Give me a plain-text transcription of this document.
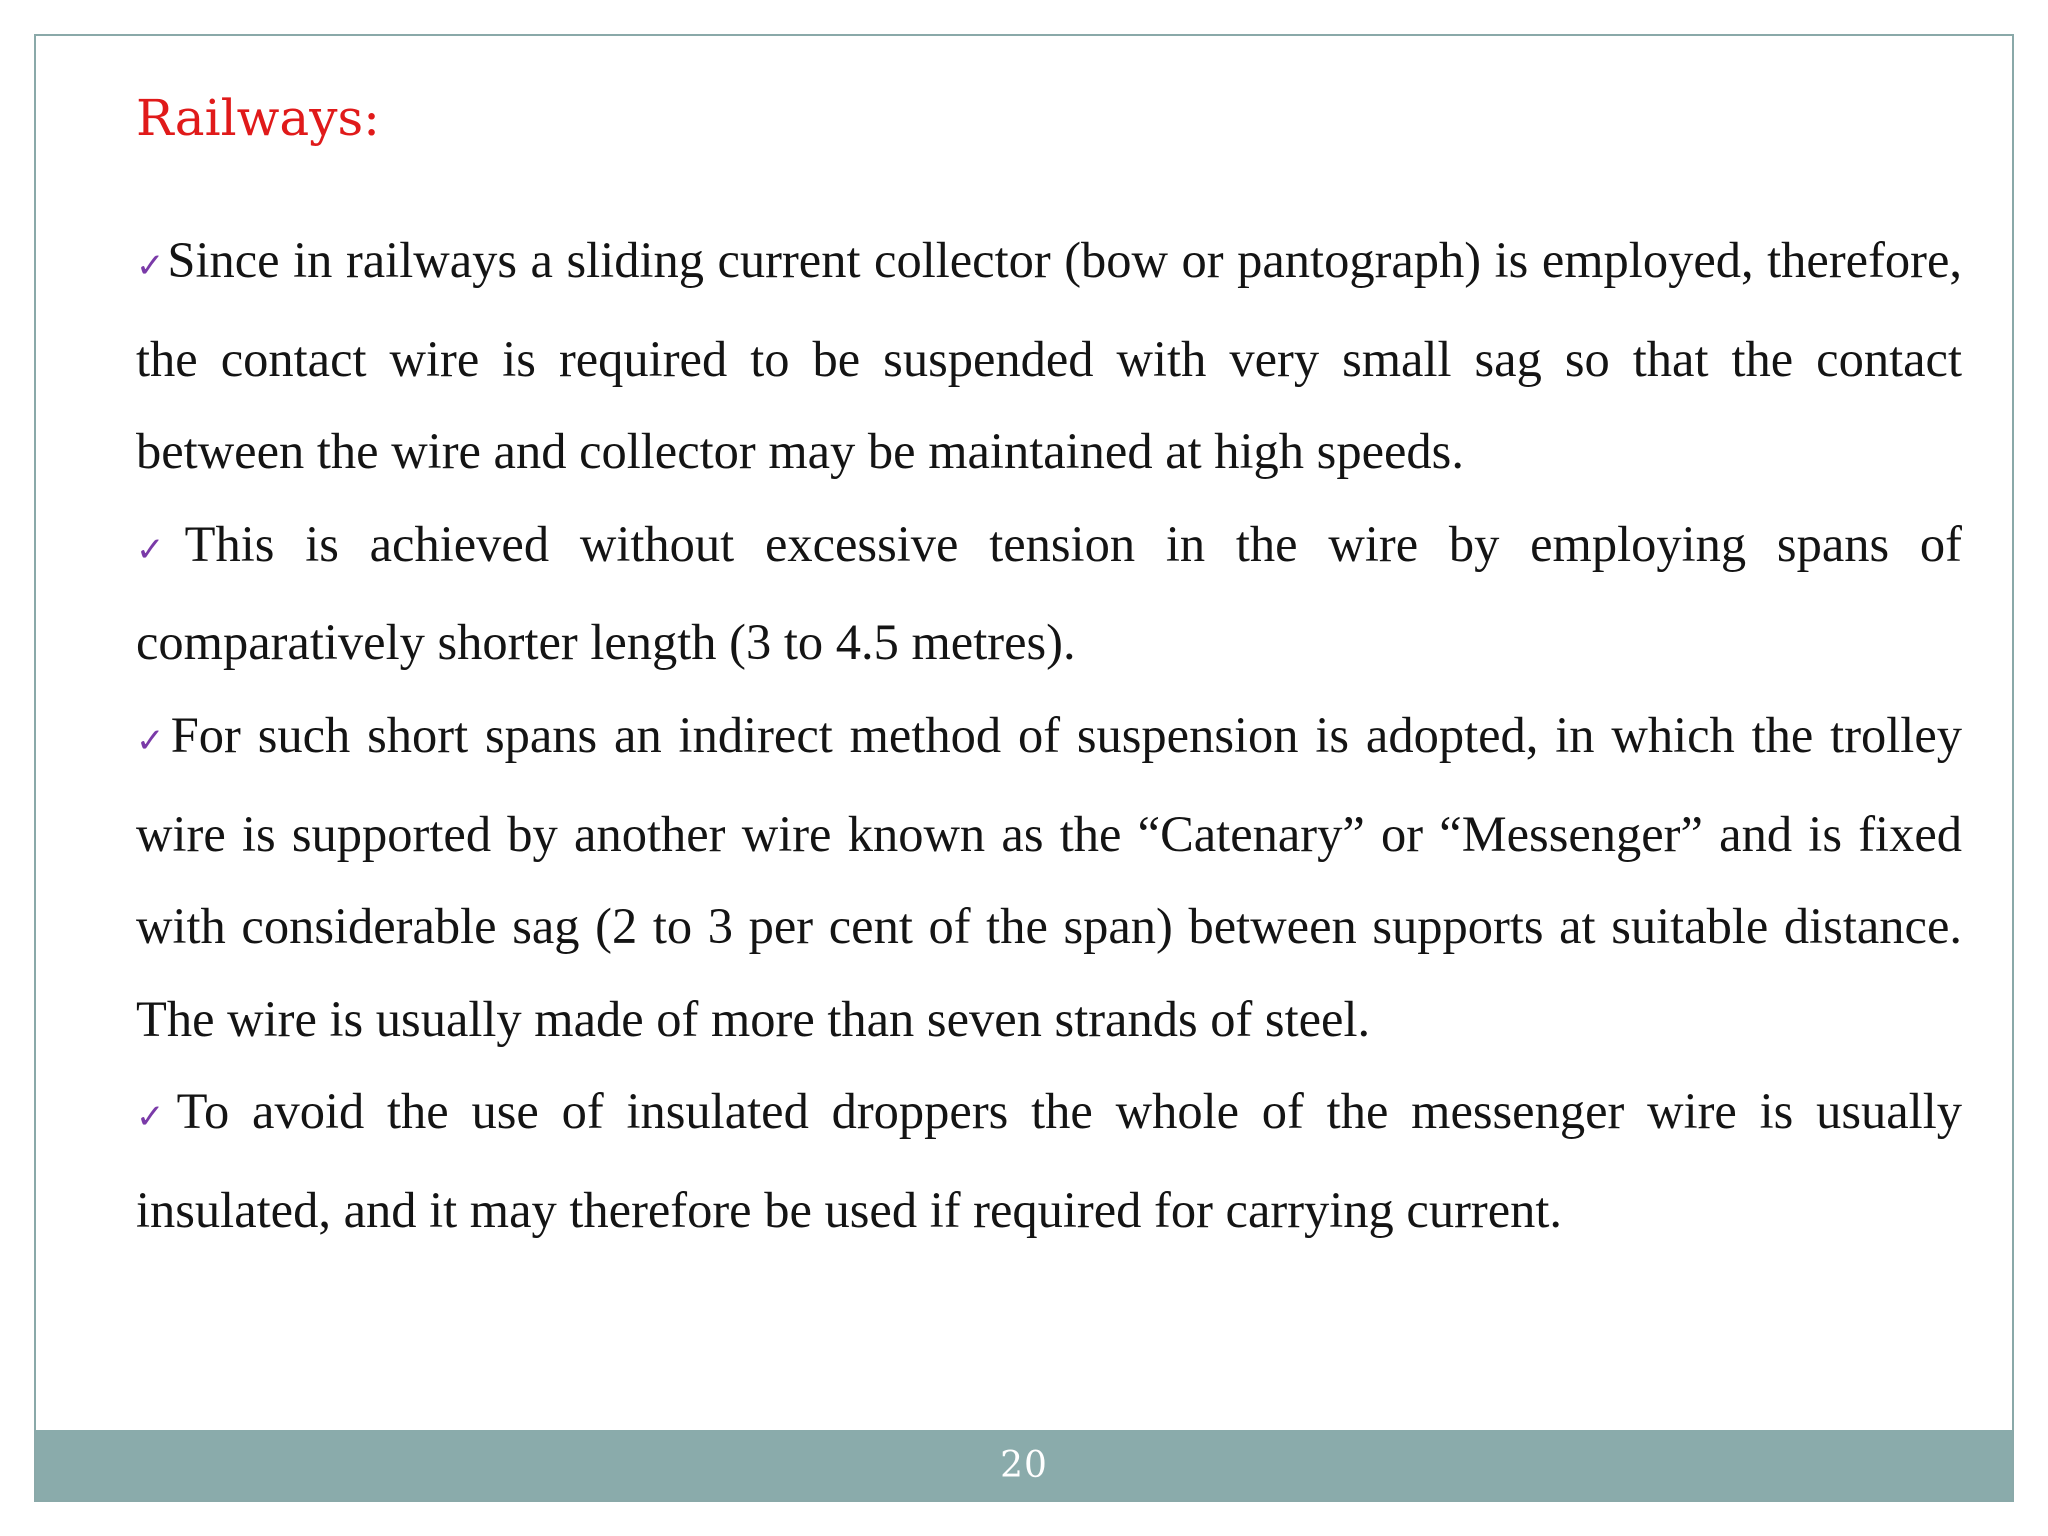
Railways:

✓Since in railways a sliding current collector (bow or pantograph) is employed, therefore, the contact wire is required to be suspended with very small sag so that the contact between the wire and collector may be maintained at high speeds.

✓This is achieved without excessive tension in the wire by employing spans of comparatively shorter length (3 to 4.5 metres).

✓For such short spans an indirect method of suspension is adopted, in which the trolley wire is supported by another wire known as the “Catenary” or “Messenger” and is fixed with considerable sag (2 to 3 per cent of the span) between supports at suitable distance. The wire is usually made of more than seven strands of steel.

✓To avoid the use of insulated droppers the whole of the messenger wire is usually insulated, and it may therefore be used if required for carrying current.

20
